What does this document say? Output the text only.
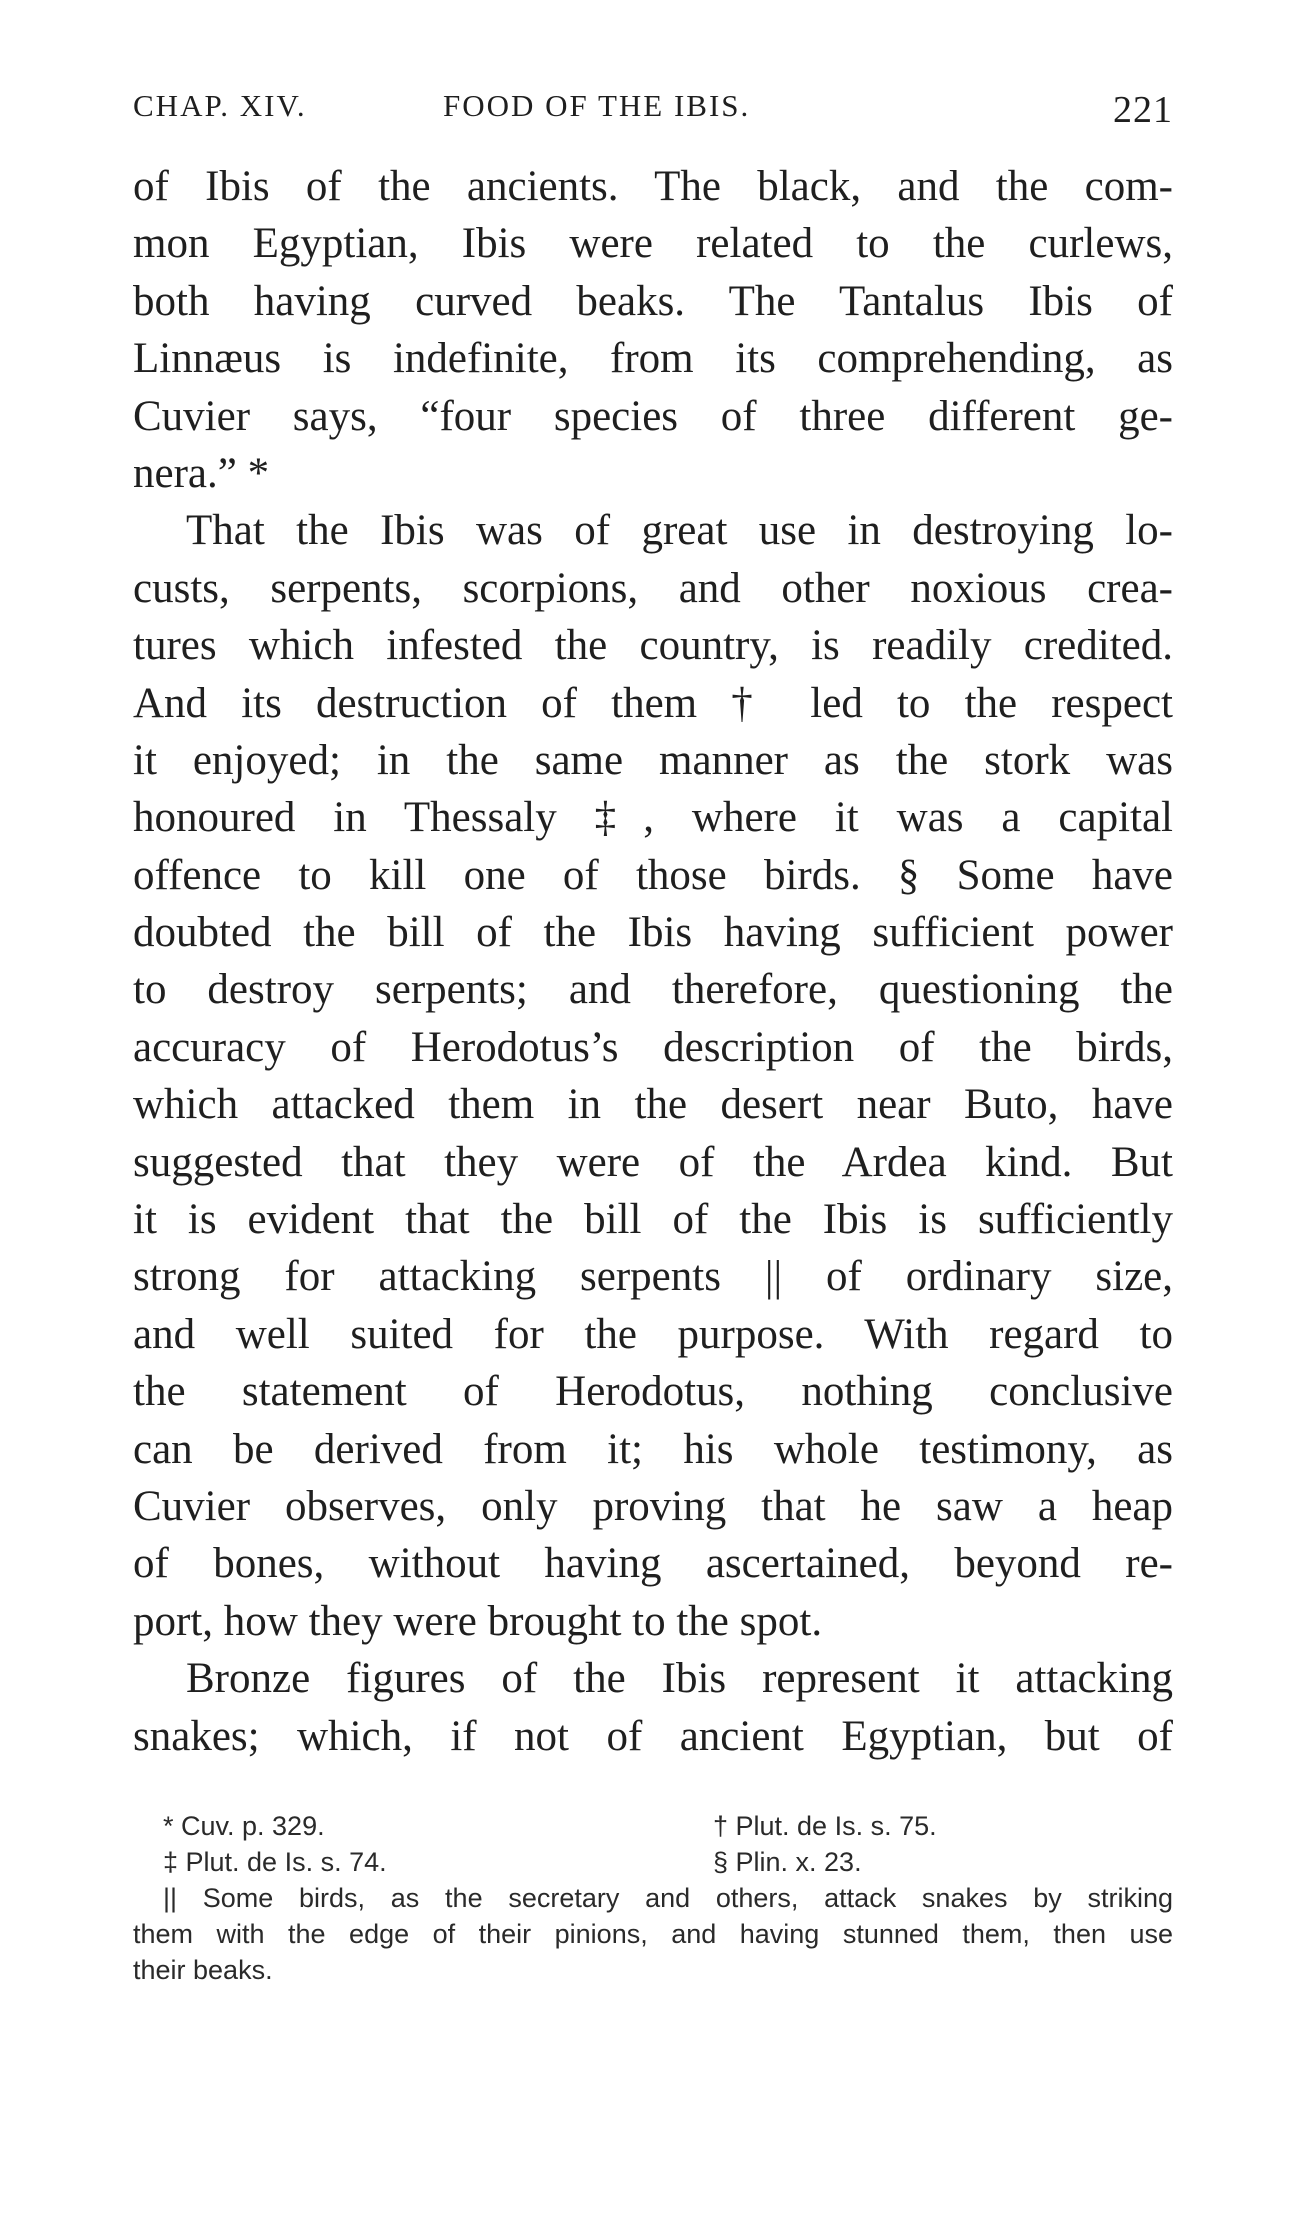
CHAP. XIV.	FOOD OF THE IBIS.	221
of Ibis of the ancients. The black, and the com-
mon Egyptian, Ibis were related to the curlews,
both having curved beaks. The Tantalus Ibis of
Linnæus is indefinite, from its comprehending, as
Cuvier says, “four species of three different ge-
nera.” *
That the Ibis was of great use in destroying lo-
custs, serpents, scorpions, and other noxious crea-
tures which infested the country, is readily credited.
And its destruction of them † led to the respect
it enjoyed; in the same manner as the stork was
honoured in Thessaly ‡, where it was a capital
offence to kill one of those birds. § Some have
doubted the bill of the Ibis having sufficient power
to destroy serpents; and therefore, questioning the
accuracy of Herodotus’s description of the birds,
which attacked them in the desert near Buto, have
suggested that they were of the Ardea kind. But
it is evident that the bill of the Ibis is sufficiently
strong for attacking serpents || of ordinary size,
and well suited for the purpose. With regard to
the statement of Herodotus, nothing conclusive
can be derived from it; his whole testimony, as
Cuvier observes, only proving that he saw a heap
of bones, without having ascertained, beyond re-
port, how they were brought to the spot.
Bronze figures of the Ibis represent it attacking
snakes; which, if not of ancient Egyptian, but of
* Cuv. p. 329.	† Plut. de Is. s. 75.
‡ Plut. de Is. s. 74.	§ Plin. x. 23.
|| Some birds, as the secretary and others, attack snakes by striking
them with the edge of their pinions, and having stunned them, then use
their beaks.
